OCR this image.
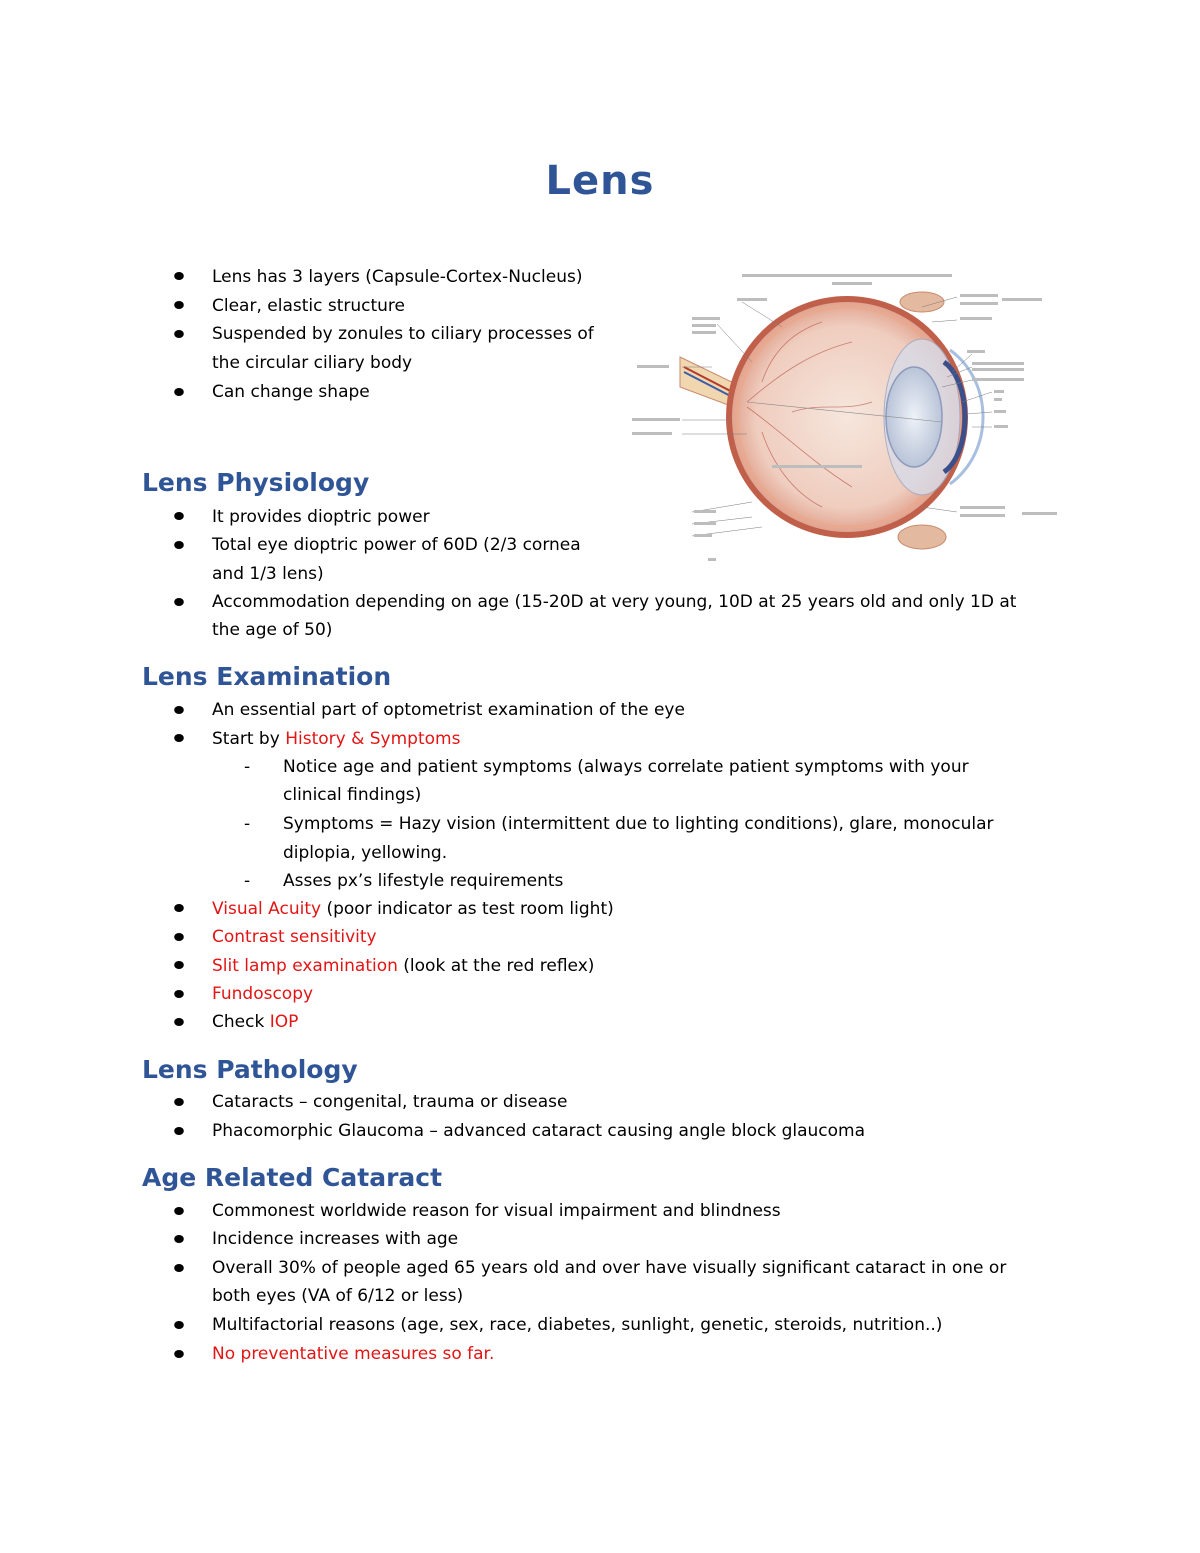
Lens
Lens has 3 layers (Capsule-Cortex-Nucleus)
Clear, elastic structure
Suspended by zonules to ciliary processes of
the circular ciliary body
Can change shape
Lens Physiology
It provides dioptric power
Total eye dioptric power of 60D (2/3 cornea
and 1/3 lens)
Accommodation depending on age (15-20D at very young, 10D at 25 years old and only 1D at
the age of 50)
Lens Examination
An essential part of optometrist examination of the eye
Start by History & Symptoms
- Notice age and patient symptoms (always correlate patient symptoms with your
clinical findings)
- Symptoms = Hazy vision (intermittent due to lighting conditions), glare, monocular
diplopia, yellowing.
- Asses px’s lifestyle requirements
Visual Acuity (poor indicator as test room light)
Contrast sensitivity
Slit lamp examination (look at the red reflex)
Fundoscopy
Check IOP
Lens Pathology
Cataracts – congenital, trauma or disease
Phacomorphic Glaucoma – advanced cataract causing angle block glaucoma
Age Related Cataract
Commonest worldwide reason for visual impairment and blindness
Incidence increases with age
Overall 30% of people aged 65 years old and over have visually significant cataract in one or
both eyes (VA of 6/12 or less)
Multifactorial reasons (age, sex, race, diabetes, sunlight, genetic, steroids, nutrition..)
No preventative measures so far.
